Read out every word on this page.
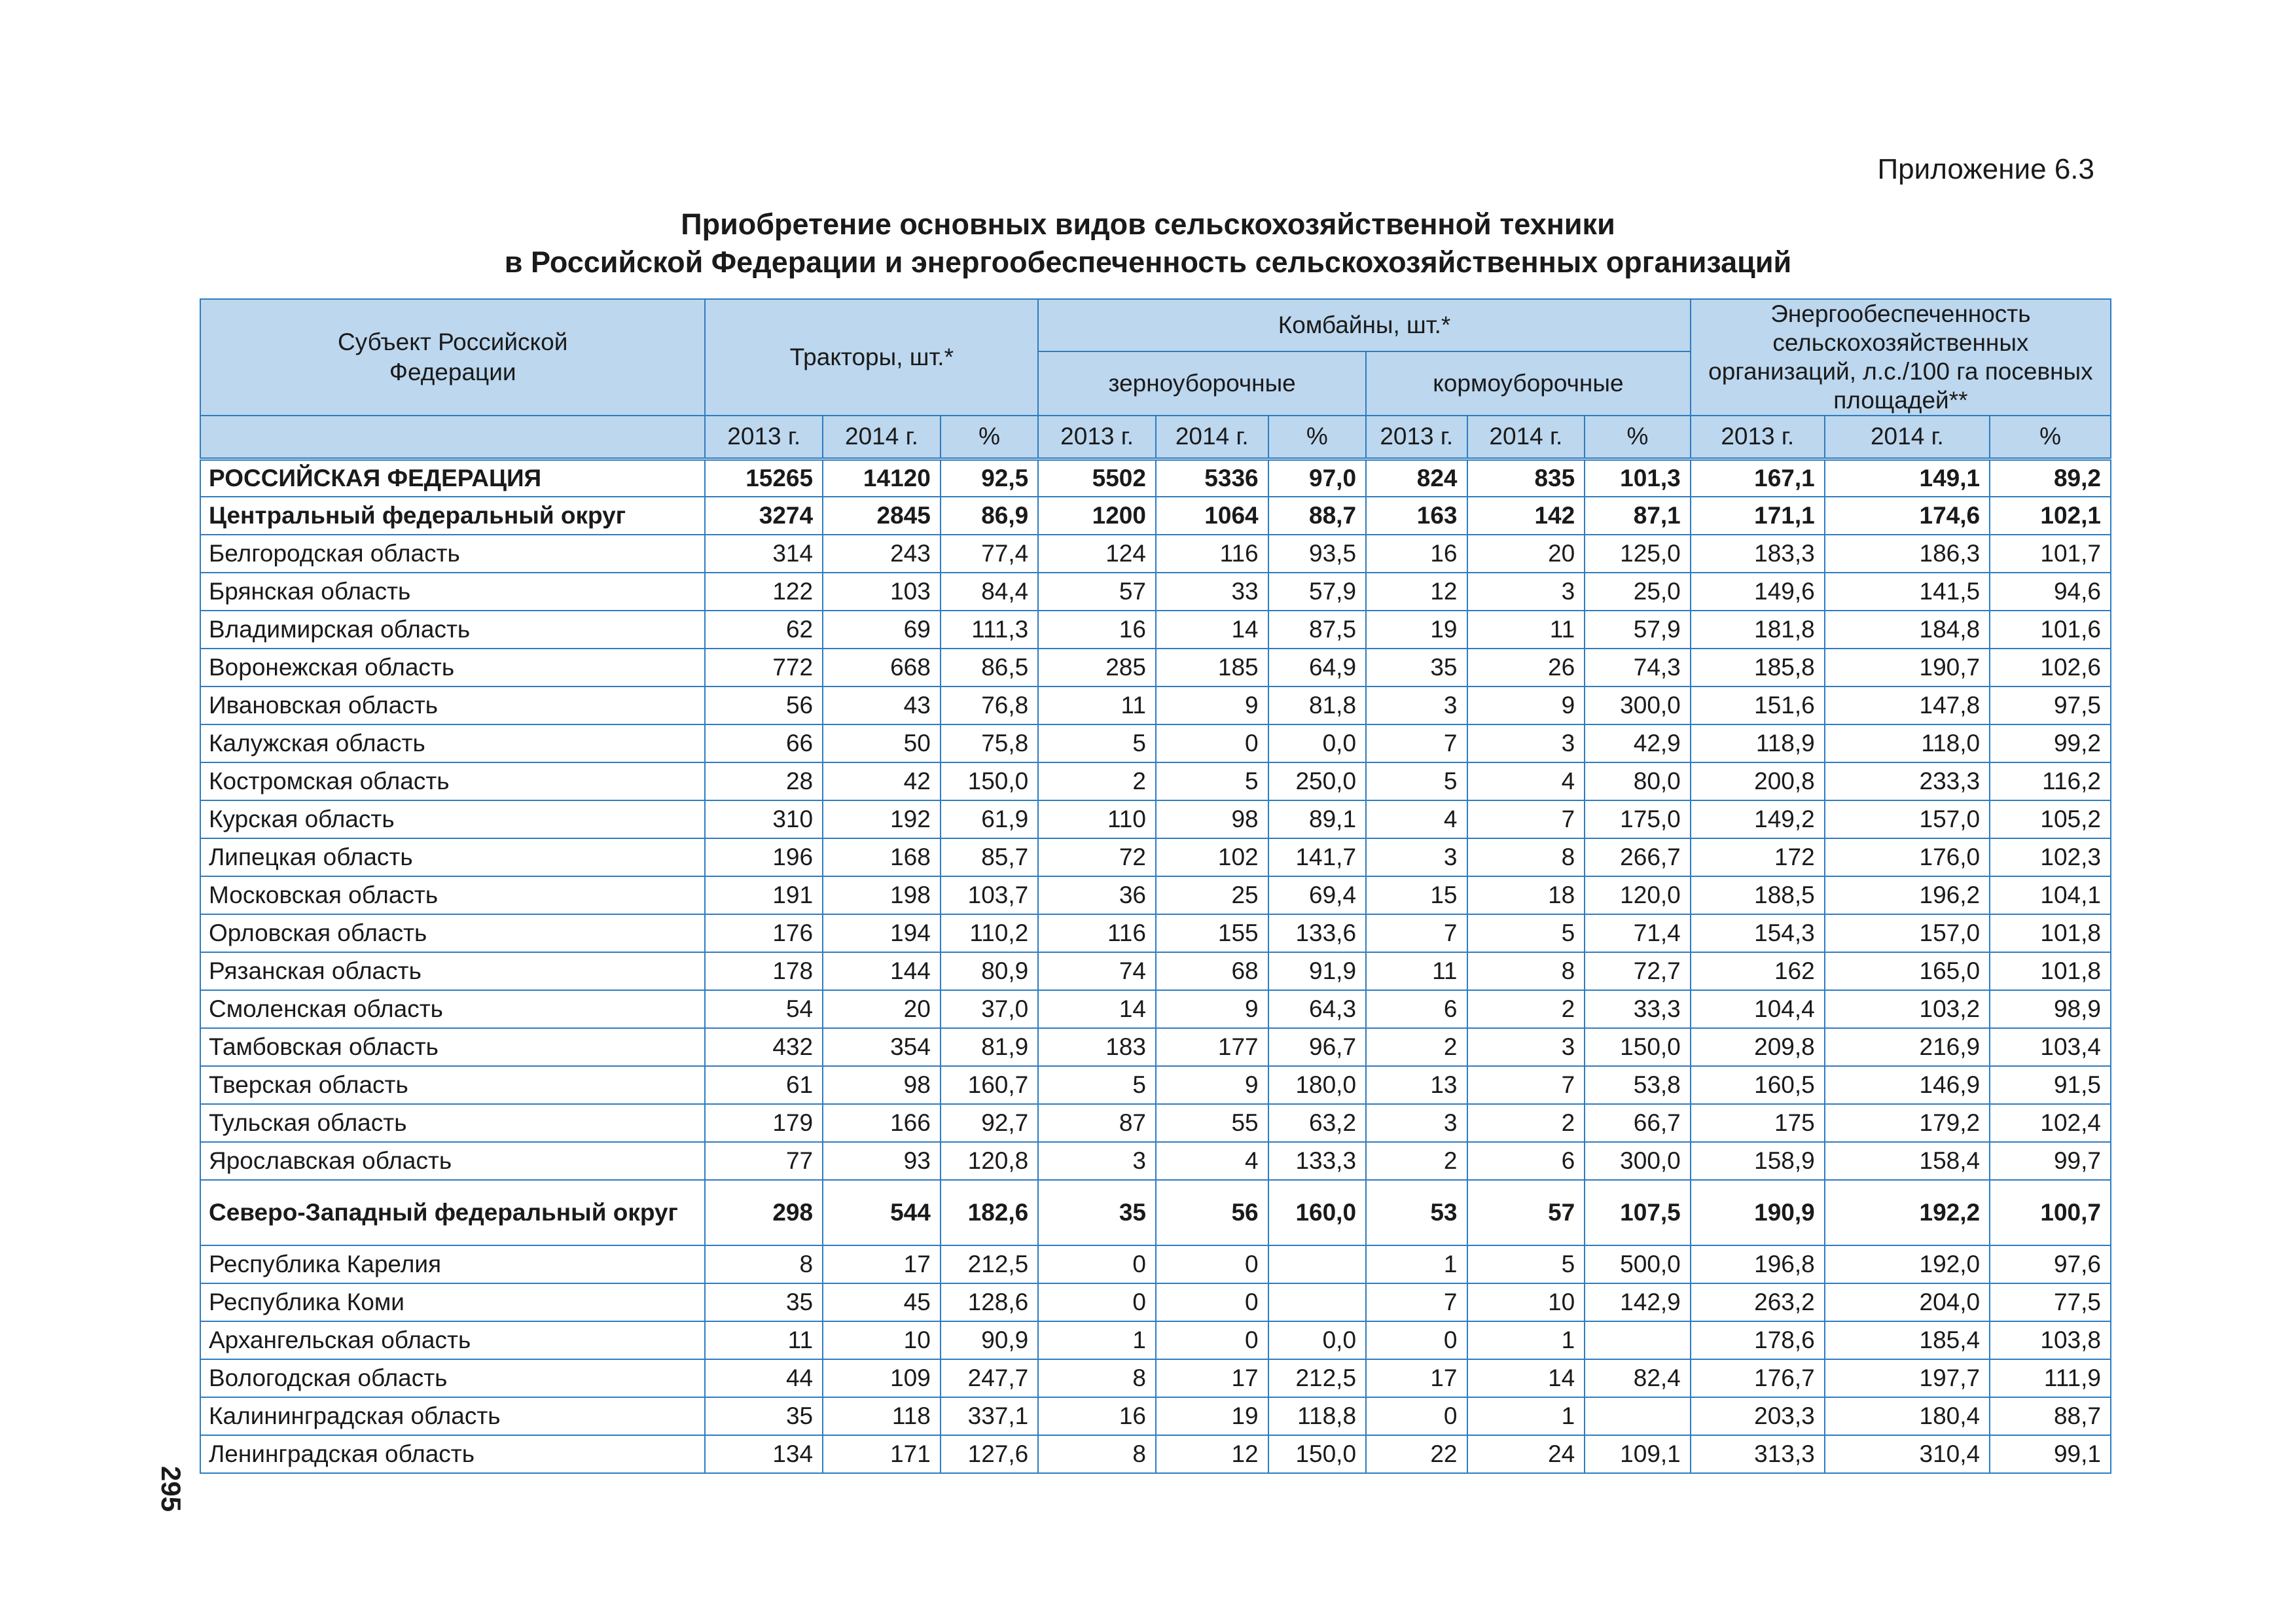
Приложение 6.3
Приобретение основных видов сельскохозяйственной техники
в Российской Федерации и энергообеспеченность сельскохозяйственных организаций
295
Субъект Российской Федерации	Тракторы, шт.*			Комбайны, шт.*						Энергообеспеченность сельскохозяйственных организаций, л.с./100 га посевных площадей**		
				зерноуборочные			кормоуборочные					
	2013 г.	2014 г.	%	2013 г.	2014 г.	%	2013 г.	2014 г.	%	2013 г.	2014 г.	%
РОССИЙСКАЯ ФЕДЕРАЦИЯ	15265	14120	92,5	5502	5336	97,0	824	835	101,3	167,1	149,1	89,2
Центральный федеральный округ	3274	2845	86,9	1200	1064	88,7	163	142	87,1	171,1	174,6	102,1
Белгородская область	314	243	77,4	124	116	93,5	16	20	125,0	183,3	186,3	101,7
Брянская область	122	103	84,4	57	33	57,9	12	3	25,0	149,6	141,5	94,6
Владимирская область	62	69	111,3	16	14	87,5	19	11	57,9	181,8	184,8	101,6
Воронежская область	772	668	86,5	285	185	64,9	35	26	74,3	185,8	190,7	102,6
Ивановская область	56	43	76,8	11	9	81,8	3	9	300,0	151,6	147,8	97,5
Калужская область	66	50	75,8	5	0	0,0	7	3	42,9	118,9	118,0	99,2
Костромская область	28	42	150,0	2	5	250,0	5	4	80,0	200,8	233,3	116,2
Курская область	310	192	61,9	110	98	89,1	4	7	175,0	149,2	157,0	105,2
Липецкая область	196	168	85,7	72	102	141,7	3	8	266,7	172	176,0	102,3
Московская область	191	198	103,7	36	25	69,4	15	18	120,0	188,5	196,2	104,1
Орловская область	176	194	110,2	116	155	133,6	7	5	71,4	154,3	157,0	101,8
Рязанская область	178	144	80,9	74	68	91,9	11	8	72,7	162	165,0	101,8
Смоленская область	54	20	37,0	14	9	64,3	6	2	33,3	104,4	103,2	98,9
Тамбовская область	432	354	81,9	183	177	96,7	2	3	150,0	209,8	216,9	103,4
Тверская область	61	98	160,7	5	9	180,0	13	7	53,8	160,5	146,9	91,5
Тульская область	179	166	92,7	87	55	63,2	3	2	66,7	175	179,2	102,4
Ярославская область	77	93	120,8	3	4	133,3	2	6	300,0	158,9	158,4	99,7
Северо-Западный федеральный округ	298	544	182,6	35	56	160,0	53	57	107,5	190,9	192,2	100,7
Республика Карелия	8	17	212,5	0	0		1	5	500,0	196,8	192,0	97,6
Республика Коми	35	45	128,6	0	0		7	10	142,9	263,2	204,0	77,5
Архангельская область	11	10	90,9	1	0	0,0	0	1		178,6	185,4	103,8
Вологодская область	44	109	247,7	8	17	212,5	17	14	82,4	176,7	197,7	111,9
Калининградская область	35	118	337,1	16	19	118,8	0	1		203,3	180,4	88,7
Ленинградская область	134	171	127,6	8	12	150,0	22	24	109,1	313,3	310,4	99,1
